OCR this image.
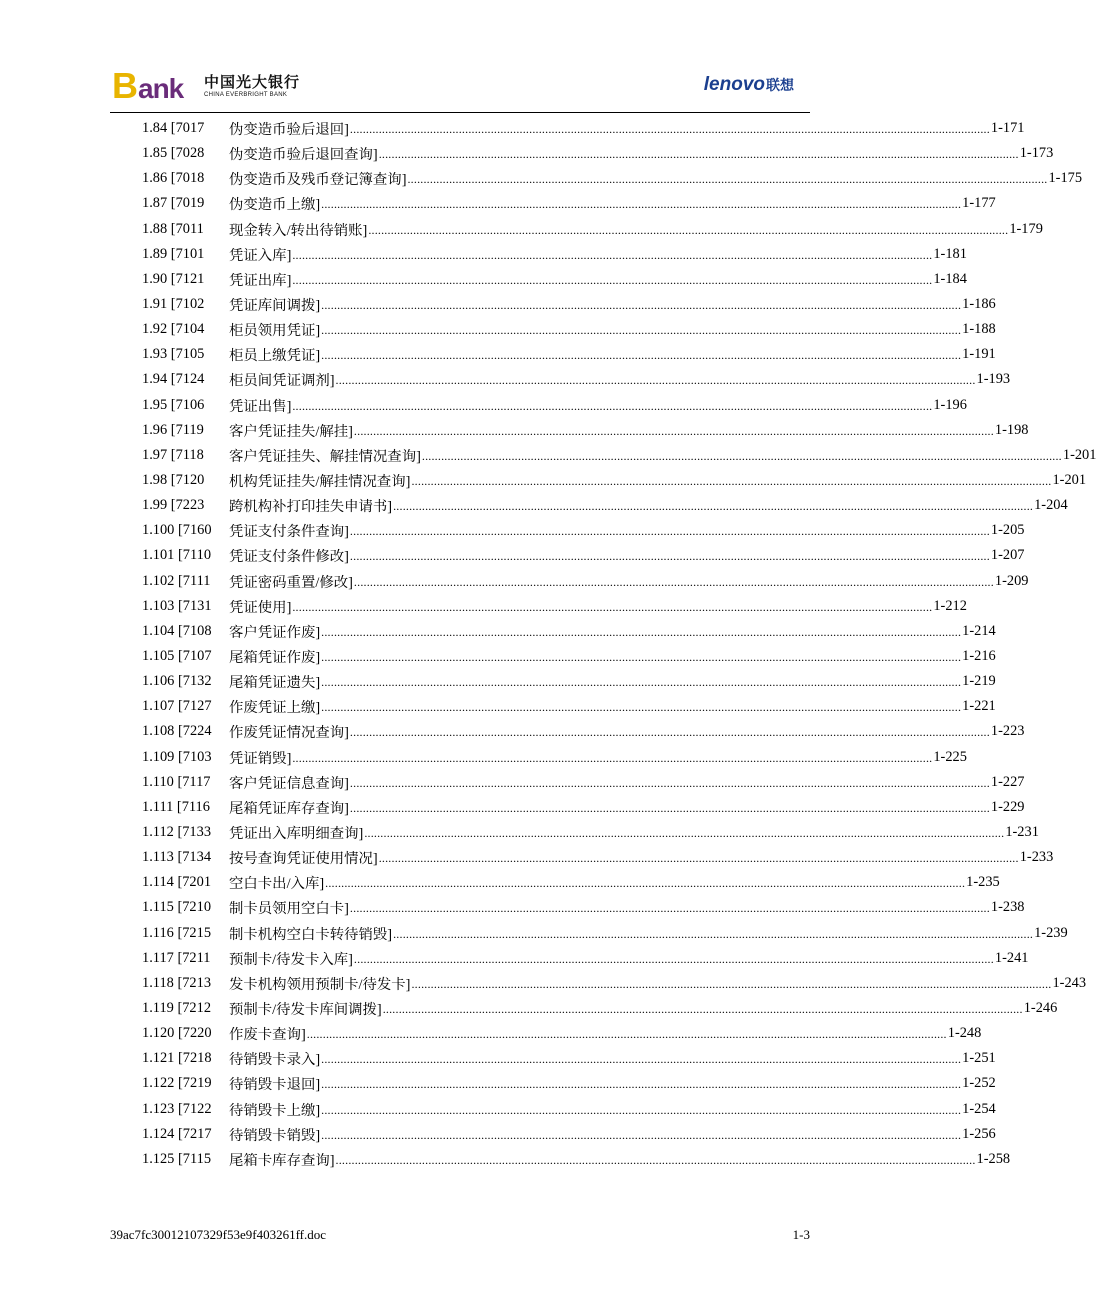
B ank 中国光大银行
CHINA EVERBRIGHT BANK	lenovo 联想
1.84 [7017	伪变造币验后退回] ........................................................................................................................................................................................................ 1-171
1.85 [7028	伪变造币验后退回查询] ........................................................................................................................................................................................................ 1-173
1.86 [7018	伪变造币及残币登记簿查询] ........................................................................................................................................................................................................ 1-175
1.87 [7019	伪变造币上缴] ........................................................................................................................................................................................................ 1-177
1.88 [7011	现金转入/转出待销账] ........................................................................................................................................................................................................ 1-179
1.89 [7101	凭证入库] ........................................................................................................................................................................................................ 1-181
1.90 [7121	凭证出库] ........................................................................................................................................................................................................ 1-184
1.91 [7102	凭证库间调拨] ........................................................................................................................................................................................................ 1-186
1.92 [7104	柜员领用凭证] ........................................................................................................................................................................................................ 1-188
1.93 [7105	柜员上缴凭证] ........................................................................................................................................................................................................ 1-191
1.94 [7124	柜员间凭证调剂] ........................................................................................................................................................................................................ 1-193
1.95 [7106	凭证出售] ........................................................................................................................................................................................................ 1-196
1.96 [7119	客户凭证挂失/解挂] ........................................................................................................................................................................................................ 1-198
1.97 [7118	客户凭证挂失、解挂情况查询] ........................................................................................................................................................................................................ 1-201
1.98 [7120	机构凭证挂失/解挂情况查询] ........................................................................................................................................................................................................ 1-201
1.99 [7223	跨机构补打印挂失申请书] ........................................................................................................................................................................................................ 1-204
1.100 [7160	凭证支付条件查询] ........................................................................................................................................................................................................ 1-205
1.101 [7110	凭证支付条件修改] ........................................................................................................................................................................................................ 1-207
1.102 [7111	凭证密码重置/修改] ........................................................................................................................................................................................................ 1-209
1.103 [7131	凭证使用] ........................................................................................................................................................................................................ 1-212
1.104 [7108	客户凭证作废] ........................................................................................................................................................................................................ 1-214
1.105 [7107	尾箱凭证作废] ........................................................................................................................................................................................................ 1-216
1.106 [7132	尾箱凭证遗失] ........................................................................................................................................................................................................ 1-219
1.107 [7127	作废凭证上缴] ........................................................................................................................................................................................................ 1-221
1.108 [7224	作废凭证情况查询] ........................................................................................................................................................................................................ 1-223
1.109 [7103	凭证销毁] ........................................................................................................................................................................................................ 1-225
1.110 [7117	客户凭证信息查询] ........................................................................................................................................................................................................ 1-227
1.111 [7116	尾箱凭证库存查询] ........................................................................................................................................................................................................ 1-229
1.112 [7133	凭证出入库明细查询] ........................................................................................................................................................................................................ 1-231
1.113 [7134	按号查询凭证使用情况] ........................................................................................................................................................................................................ 1-233
1.114 [7201	空白卡出/入库] ........................................................................................................................................................................................................ 1-235
1.115 [7210	制卡员领用空白卡] ........................................................................................................................................................................................................ 1-238
1.116 [7215	制卡机构空白卡转待销毁] ........................................................................................................................................................................................................ 1-239
1.117 [7211	预制卡/待发卡入库] ........................................................................................................................................................................................................ 1-241
1.118 [7213	发卡机构领用预制卡/待发卡] ........................................................................................................................................................................................................ 1-243
1.119 [7212	预制卡/待发卡库间调拨] ........................................................................................................................................................................................................ 1-246
1.120 [7220	作废卡查询] ........................................................................................................................................................................................................ 1-248
1.121 [7218	待销毁卡录入] ........................................................................................................................................................................................................ 1-251
1.122 [7219	待销毁卡退回] ........................................................................................................................................................................................................ 1-252
1.123 [7122	待销毁卡上缴] ........................................................................................................................................................................................................ 1-254
1.124 [7217	待销毁卡销毁] ........................................................................................................................................................................................................ 1-256
1.125 [7115	尾箱卡库存查询] ........................................................................................................................................................................................................ 1-258
39ac7fc30012107329f53e9f403261ff.doc	1-3
